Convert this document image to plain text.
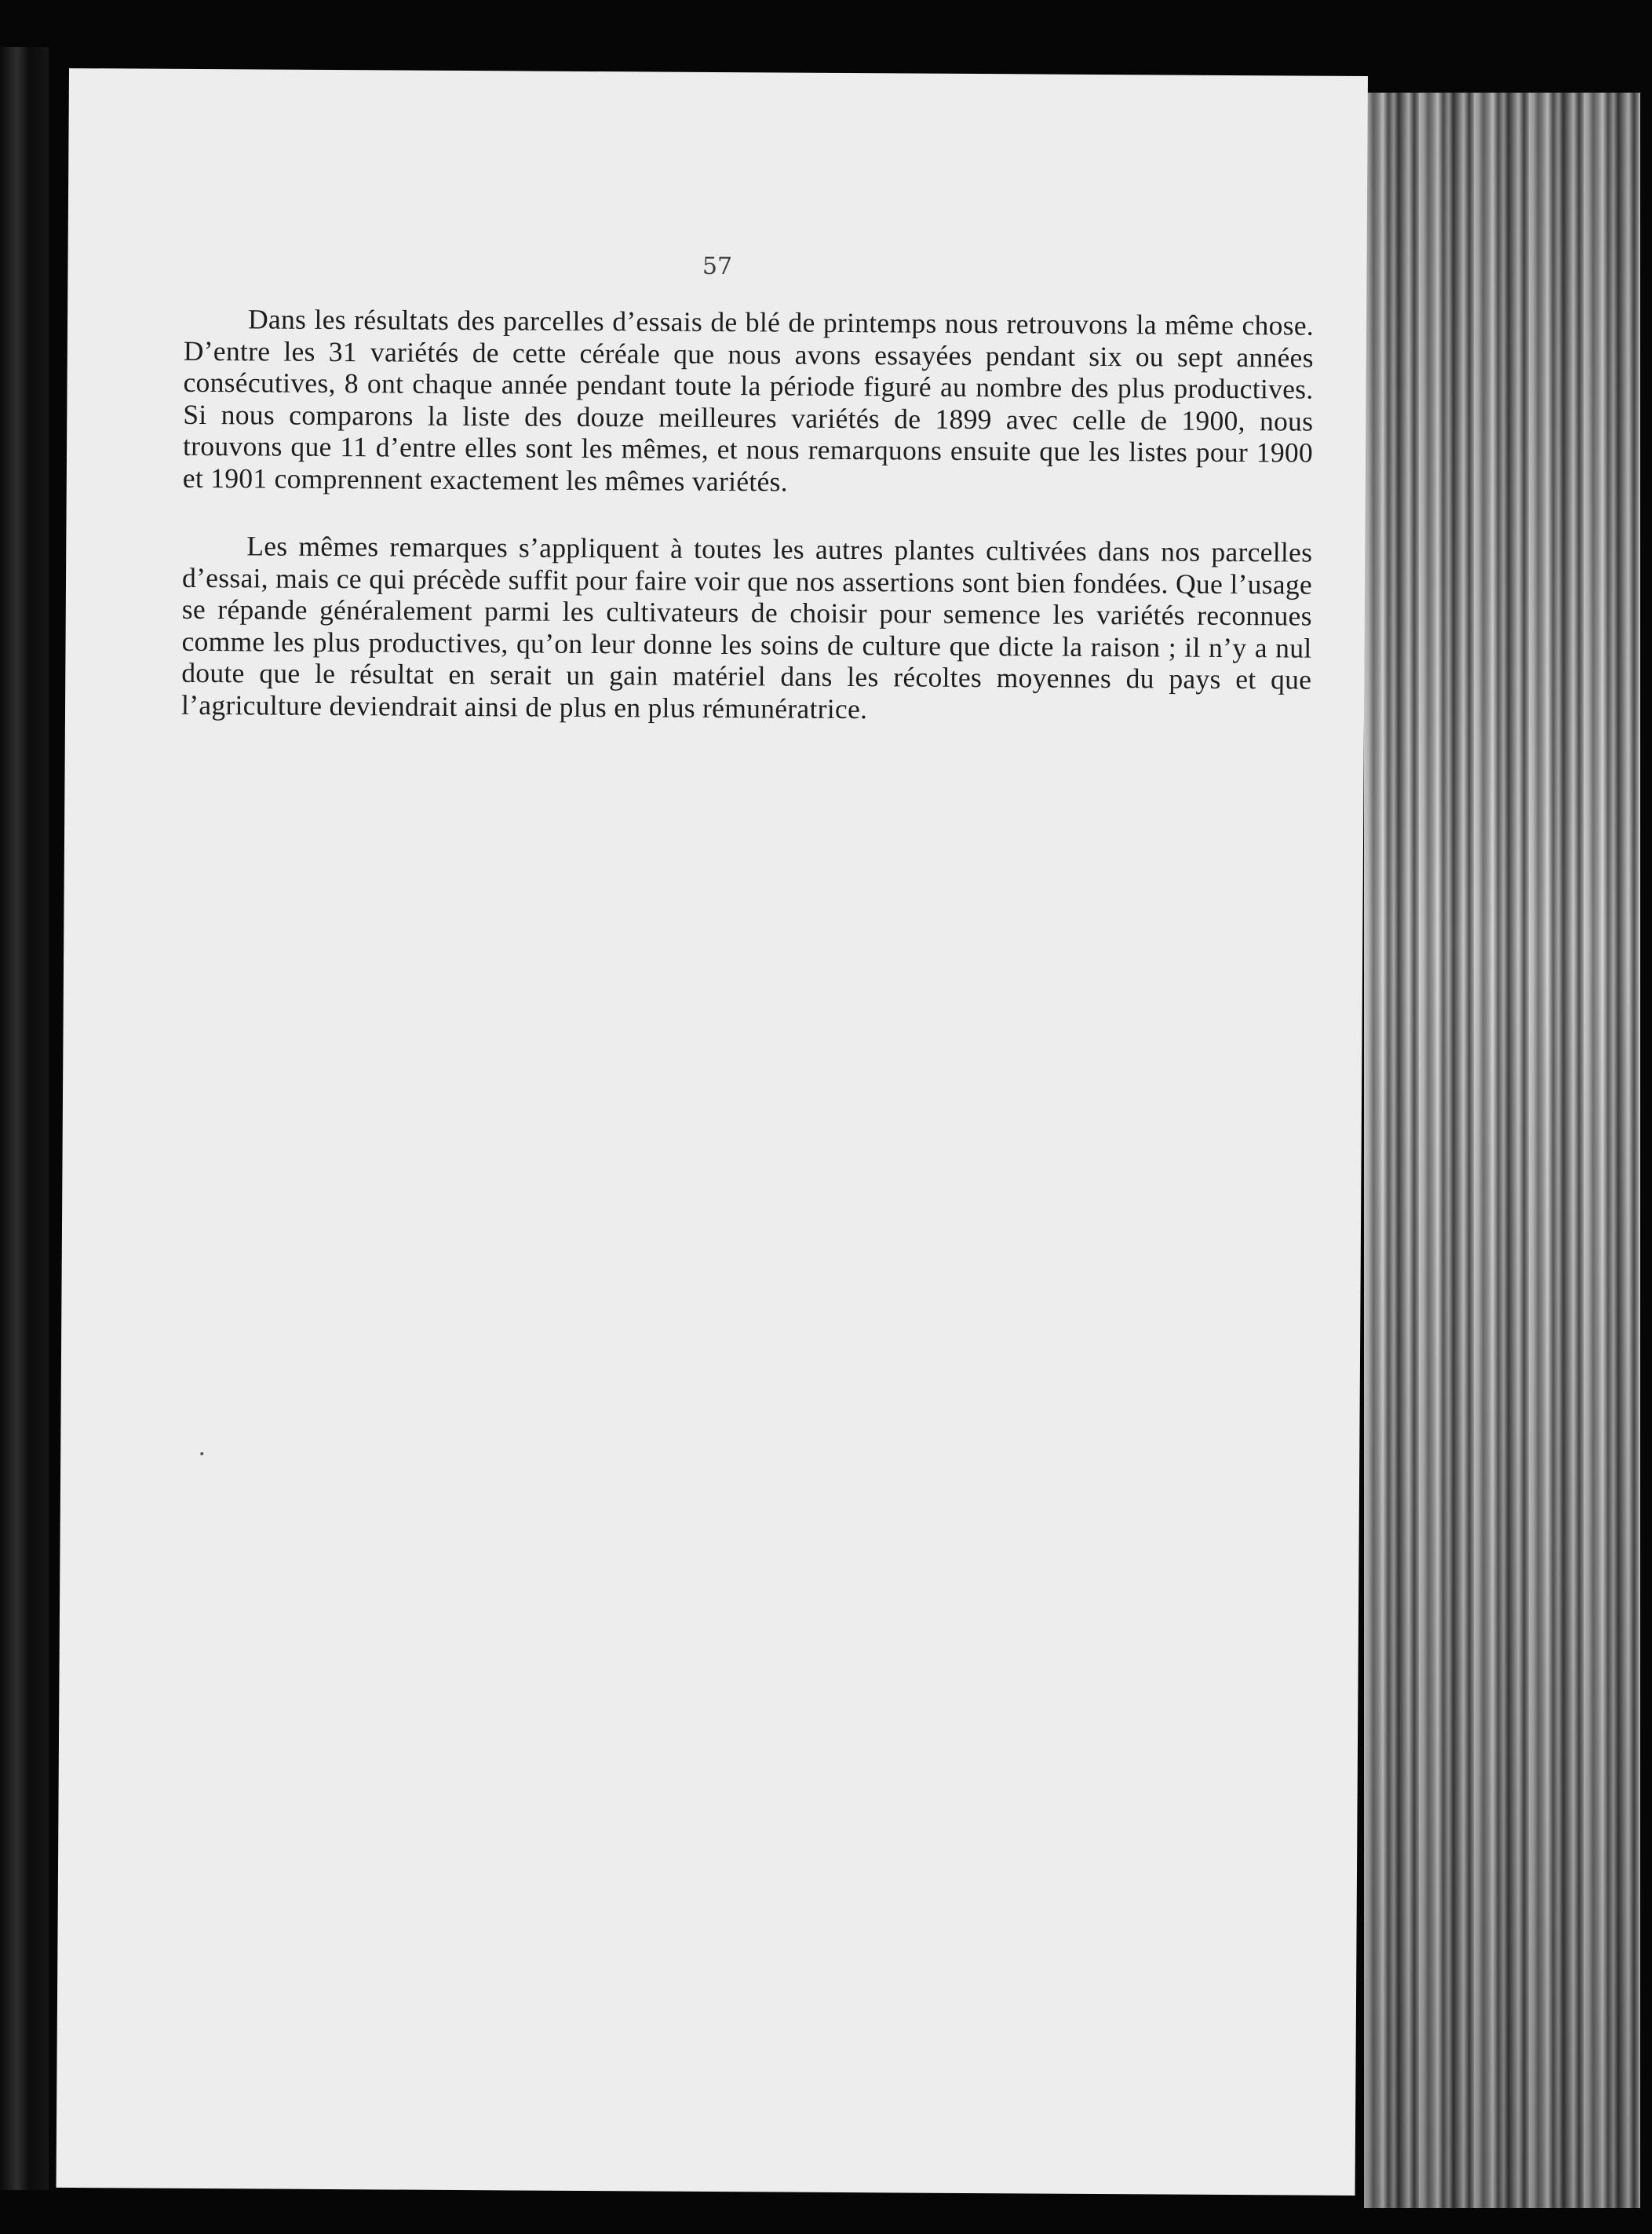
57

Dans les résultats des parcelles d’essais de blé de printemps nous retrouvons la même chose. D’entre les 31 variétés de cette céréale que nous avons essayées pendant six ou sept années consécutives, 8 ont chaque année pendant toute la période figuré au nombre des plus productives. Si nous comparons la liste des douze meilleures variétés de 1899 avec celle de 1900, nous trouvons que 11 d’entre elles sont les mêmes, et nous remarquons ensuite que les listes pour 1900 et 1901 comprennent exactement les mêmes variétés.

Les mêmes remarques s’appliquent à toutes les autres plantes cultivées dans nos parcelles d’essai, mais ce qui précède suffit pour faire voir que nos assertions sont bien fondées. Que l’usage se répande généralement parmi les cultivateurs de choisir pour semence les variétés reconnues comme les plus productives, qu’on leur donne les soins de culture que dicte la raison ; il n’y a nul doute que le résultat en serait un gain matériel dans les récoltes moyennes du pays et que l’agriculture deviendrait ainsi de plus en plus rémunératrice.
